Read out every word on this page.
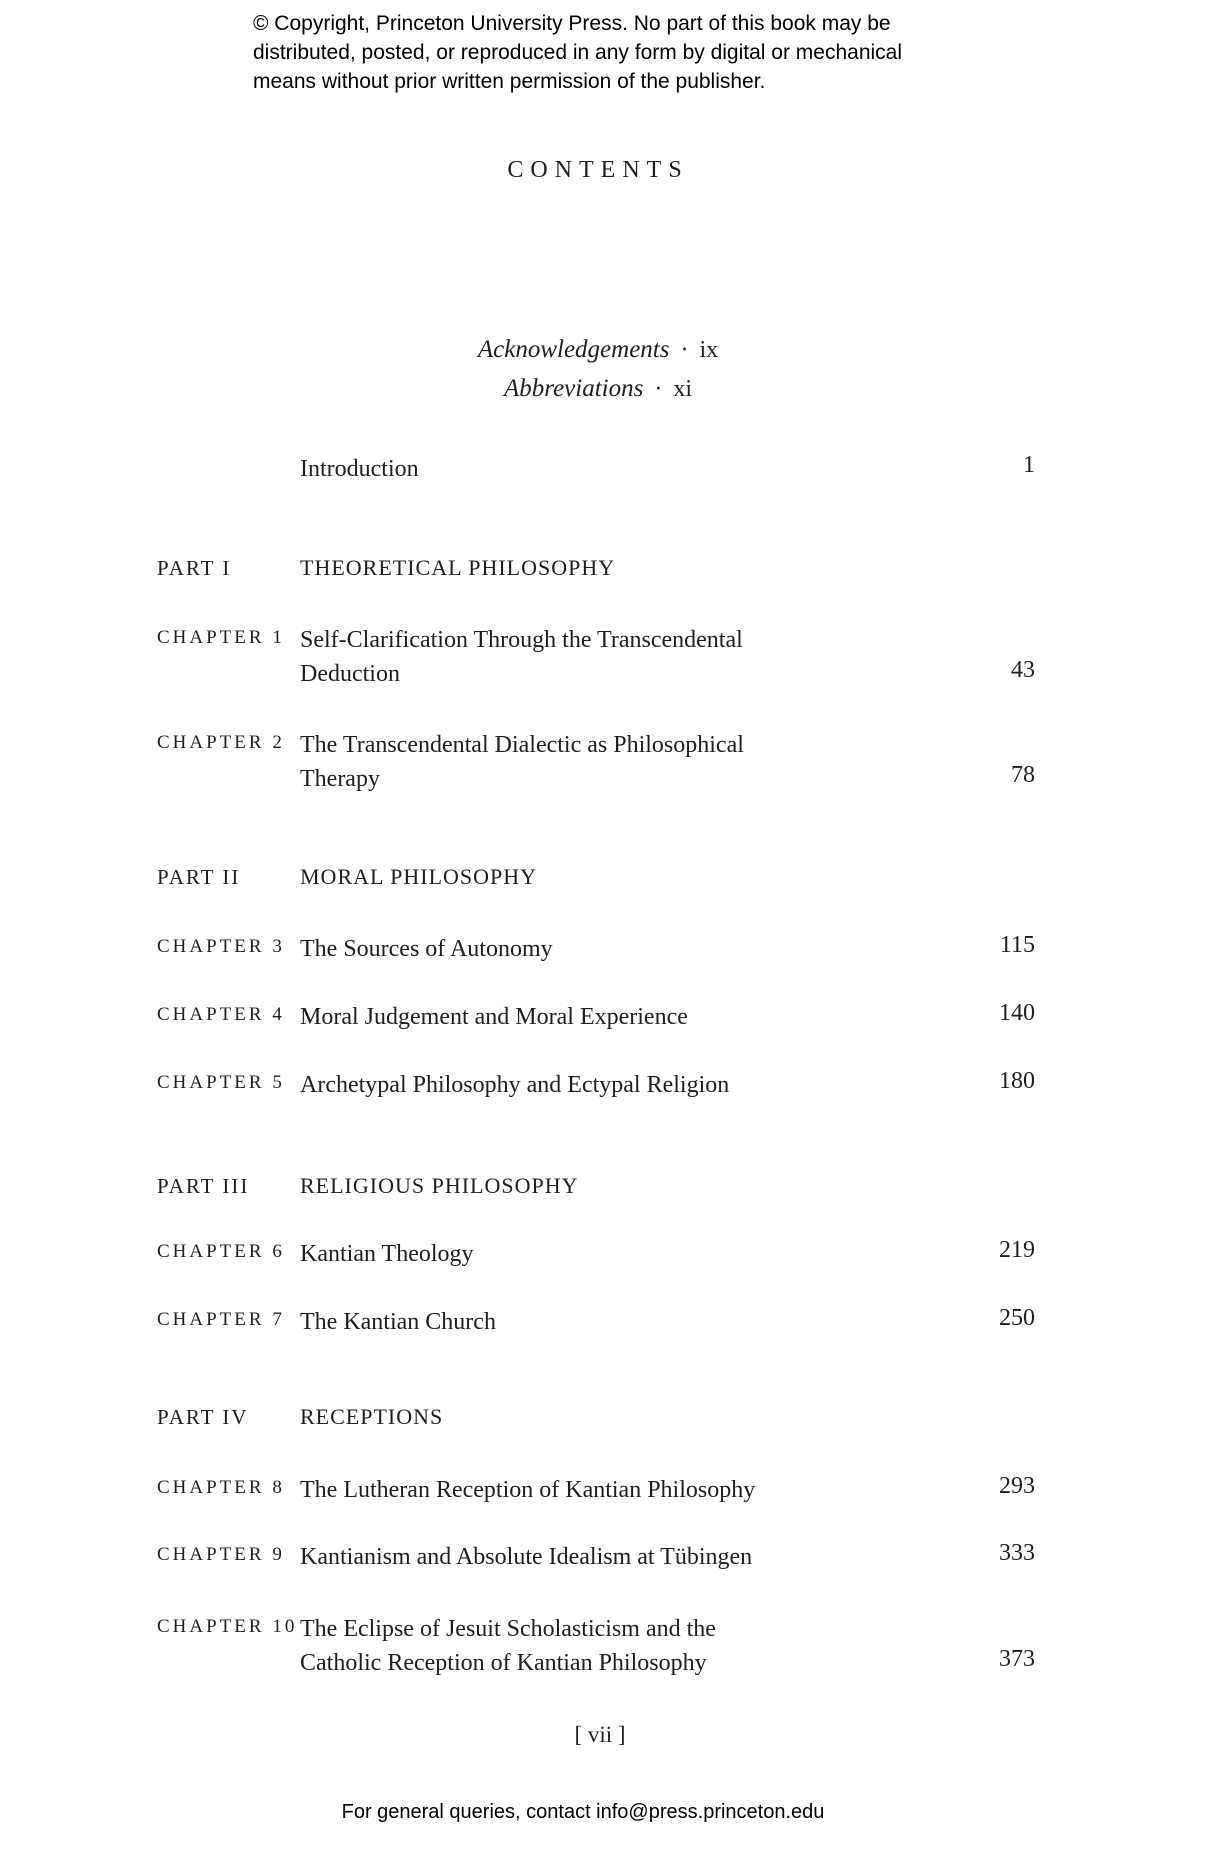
© Copyright, Princeton University Press. No part of this book may be
distributed, posted, or reproduced in any form by digital or mechanical
means without prior written permission of the publisher.
CONTENTS
Acknowledgements · ix
Abbreviations · xi
Introduction	1
PART I	THEORETICAL PHILOSOPHY
CHAPTER 1 Self-Clarification Through the Transcendental
Deduction	43
CHAPTER 2 The Transcendental Dialectic as Philosophical
Therapy	78
PART II	MORAL PHILOSOPHY
CHAPTER 3 The Sources of Autonomy	115
CHAPTER 4 Moral Judgement and Moral Experience	140
CHAPTER 5 Archetypal Philosophy and Ectypal Religion	180
PART III RELIGIOUS PHILOSOPHY
CHAPTER 6 Kantian Theology	219
CHAPTER 7 The Kantian Church	250
PART IV RECEPTIONS
CHAPTER 8 The Lutheran Reception of Kantian Philosophy	293
CHAPTER 9 Kantianism and Absolute Idealism at Tübingen	333
CHAPTER 10 The Eclipse of Jesuit Scholasticism and the
Catholic Reception of Kantian Philosophy	373
[ vii ]
For general queries, contact info@press.princeton.edu
